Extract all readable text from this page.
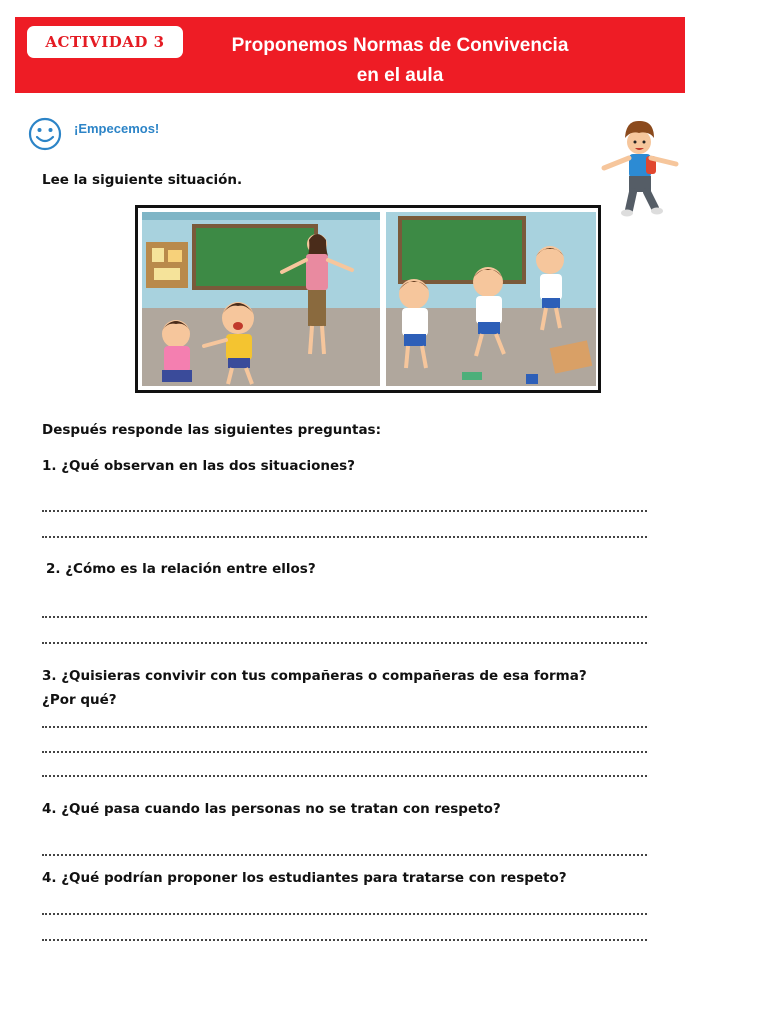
ACTIVIDAD 3	Proponemos Normas de Convivencia
en el aula
¡Empecemos!
Lee la siguiente situación.
Después responde las siguientes preguntas:
1. ¿Qué observan en las dos situaciones?
2. ¿Cómo es la relación entre ellos?
3. ¿Quisieras convivir con tus compañeras o compañeras de esa forma?
¿Por qué?
4. ¿Qué pasa cuando las personas no se tratan con respeto?
4. ¿Qué podrían proponer los estudiantes para tratarse con respeto?
